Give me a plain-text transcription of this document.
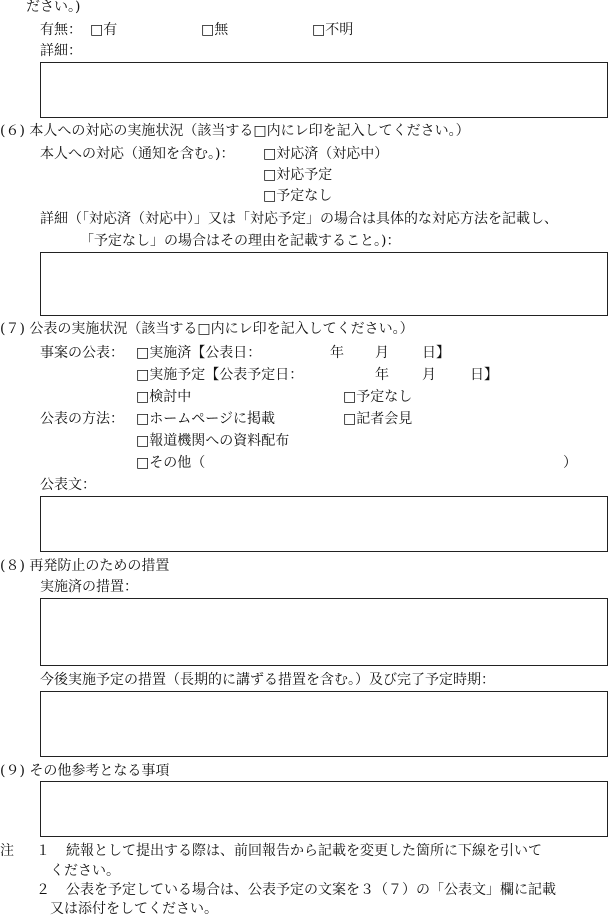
ださい。)
有無： □有	□無	□不明
詳細：
(６) 本人への対応の実施状況（該当する□内にレ印を記入してください。）
本人への対応（通知を含む。)： □対応済（対応中）
□対応予定
□予定なし
詳細（「対応済（対応中）」又は「対応予定」の場合は具体的な対応方法を記載し、
「予定なし」の場合はその理由を記載すること。)：
(７) 公表の実施状況（該当する□内にレ印を記入してください。）
事案の公表： □実施済【公表日：	年 月 日】
□実施予定【公表予定日：	年 月 日】
□検討中	□予定なし
公表の方法： □ホームページに掲載	□記者会見
□報道機関への資料配布
□その他（	）
公表文：
(８) 再発防止のための措置
実施済の措置：
今後実施予定の措置（長期的に講ずる措置を含む。）及び完了予定時期：
(９) その他参考となる事項
注 １ 続報として提出する際は、前回報告から記載を変更した箇所に下線を引いて
ください。
２ 公表を予定している場合は、公表予定の文案を３（７）の「公表文」欄に記載
又は添付をしてください。
